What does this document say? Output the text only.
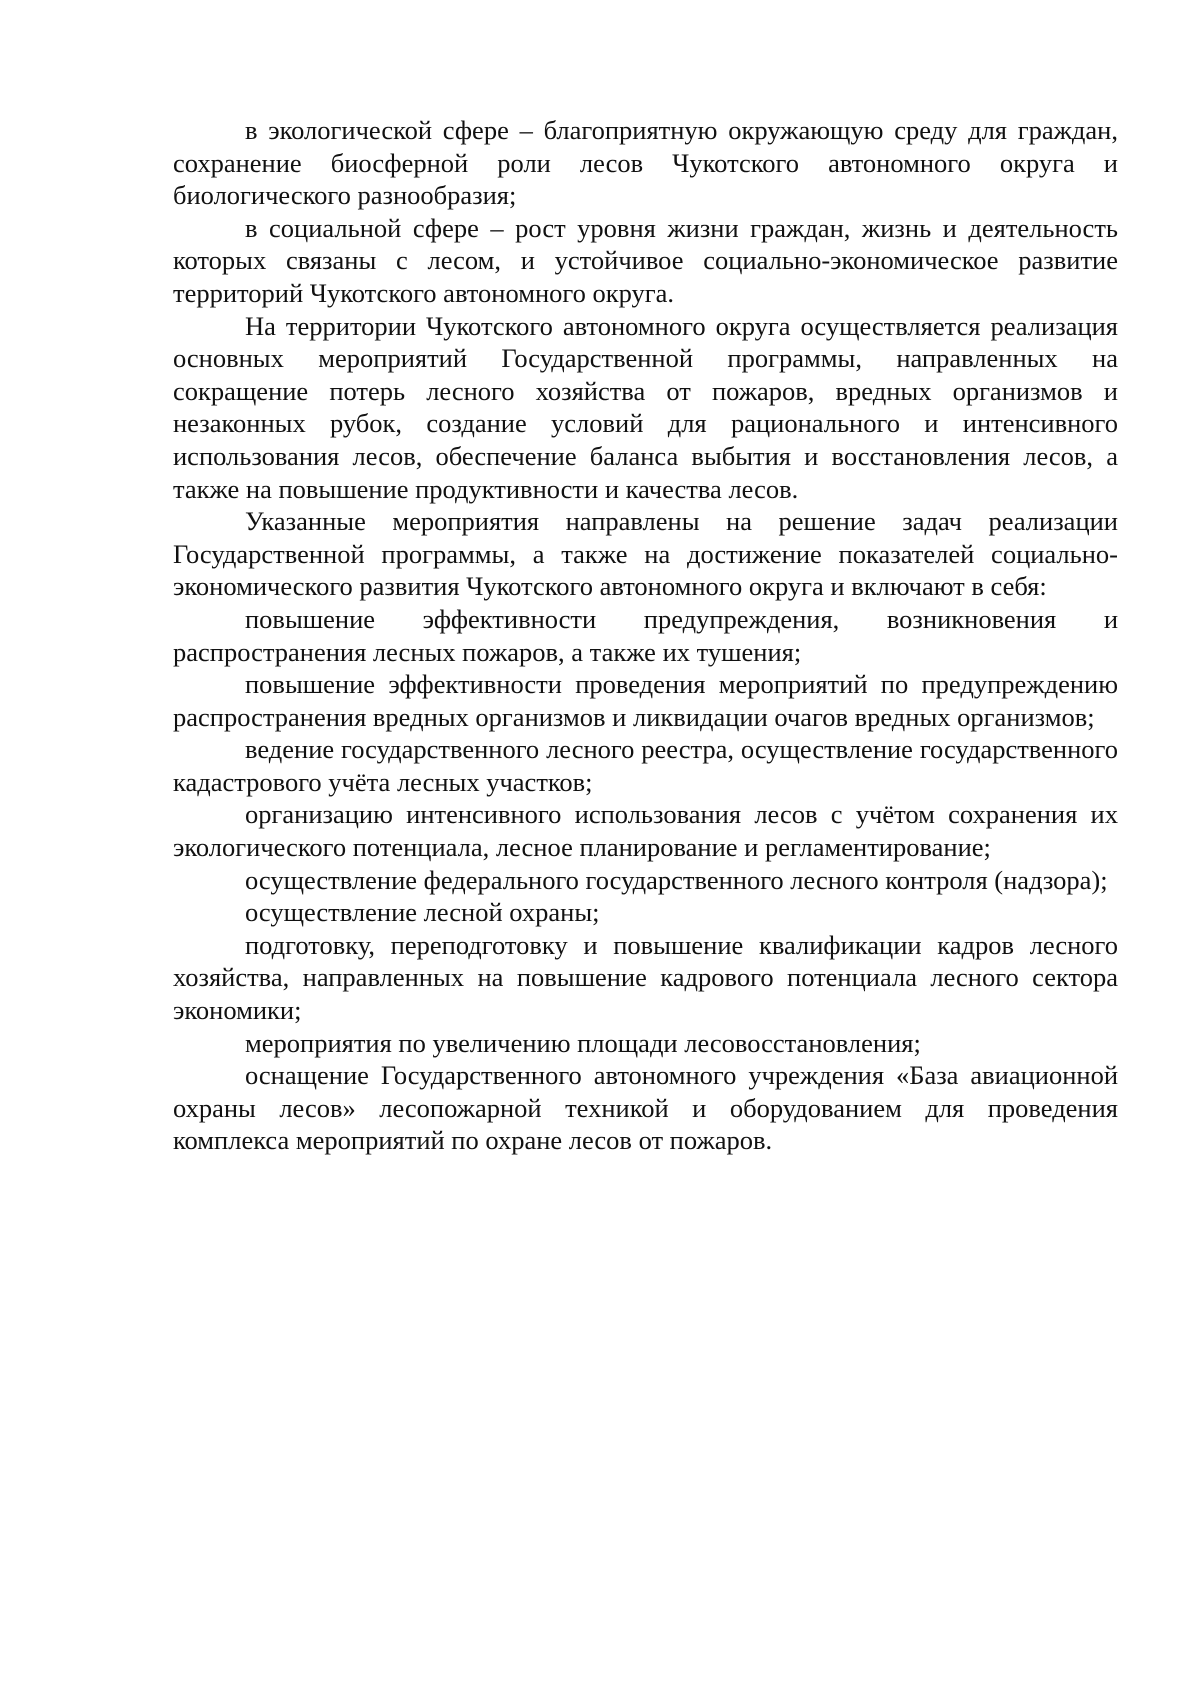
в экологической сфере – благоприятную окружающую среду для граждан, сохранение биосферной роли лесов Чукотского автономного округа и биологического разнообразия;

в социальной сфере – рост уровня жизни граждан, жизнь и деятельность которых связаны с лесом, и устойчивое социально-экономическое развитие территорий Чукотского автономного округа.

На территории Чукотского автономного округа осуществляется реализация основных мероприятий Государственной программы, направленных на сокращение потерь лесного хозяйства от пожаров, вредных организмов и незаконных рубок, создание условий для рационального и интенсивного использования лесов, обеспечение баланса выбытия и восстановления лесов, а также на повышение продуктивности и качества лесов.

Указанные мероприятия направлены на решение задач реализации Государственной программы, а также на достижение показателей социально-экономического развития Чукотского автономного округа и включают в себя:

повышение эффективности предупреждения, возникновения и распространения лесных пожаров, а также их тушения;

повышение эффективности проведения мероприятий по предупреждению распространения вредных организмов и ликвидации очагов вредных организмов;

ведение государственного лесного реестра, осуществление государственного кадастрового учёта лесных участков;

организацию интенсивного использования лесов с учётом сохранения их экологического потенциала, лесное планирование и регламентирование;

осуществление федерального государственного лесного контроля (надзора);

осуществление лесной охраны;

подготовку, переподготовку и повышение квалификации кадров лесного хозяйства, направленных на повышение кадрового потенциала лесного сектора экономики;

мероприятия по увеличению площади лесовосстановления;

оснащение Государственного автономного учреждения «База авиационной охраны лесов» лесопожарной техникой и оборудованием для проведения комплекса мероприятий по охране лесов от пожаров.
